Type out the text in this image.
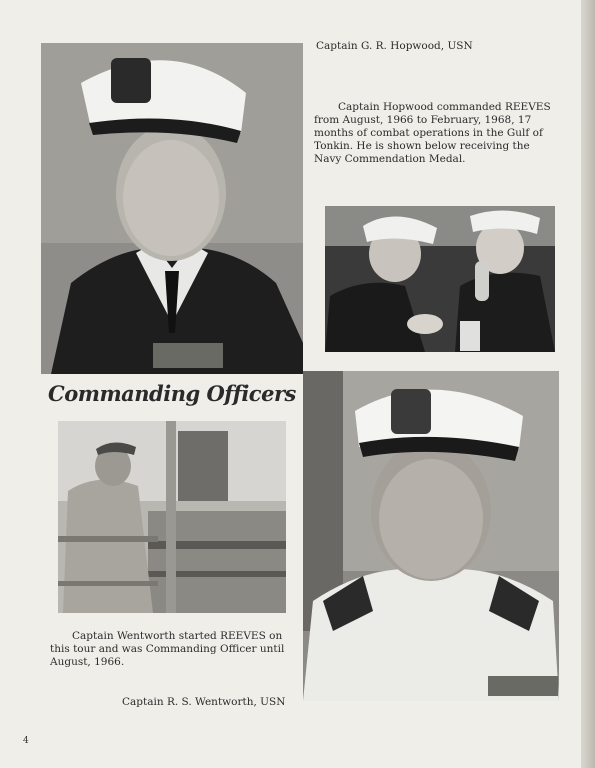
Captain G. R. Hopwood, USN
Captain Hopwood commanded REEVES from August, 1966 to February, 1968, 17 months of combat operations in the Gulf of Tonkin. He is shown below receiving the Navy Commendation Medal.
Commanding Officers
Captain Wentworth started REEVES on this tour and was Commanding Officer until August, 1966.
Captain R. S. Wentworth, USN
4
